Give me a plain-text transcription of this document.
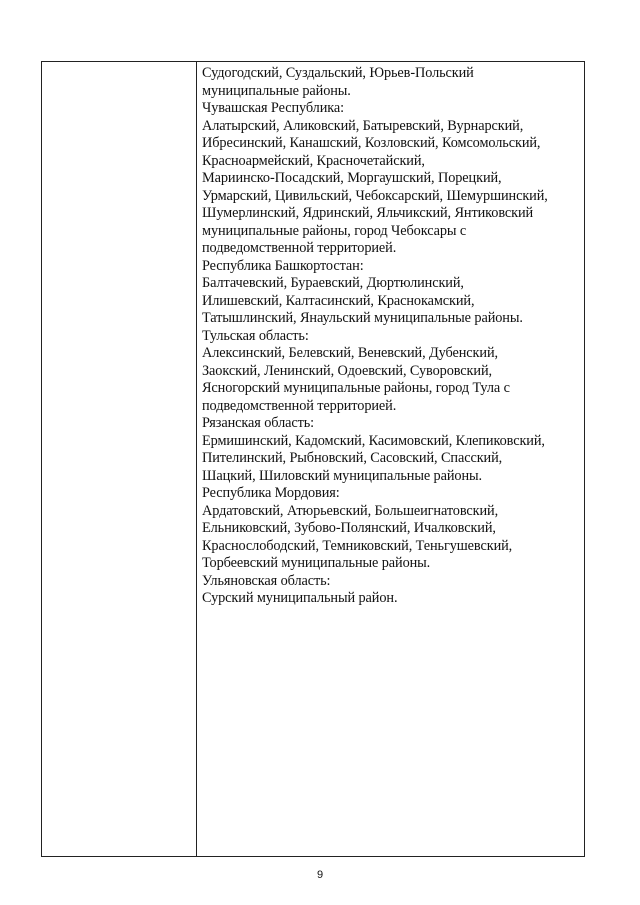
Судогодский, Суздальский, Юрьев-Польский
муниципальные районы.
Чувашская Республика:
Алатырский, Аликовский, Батыревский, Вурнарский,
Ибресинский, Канашский, Козловский, Комсомольский,
Красноармейский, Красночетайский,
Мариинско-Посадский, Моргаушский, Порецкий,
Урмарский, Цивильский, Чебоксарский, Шемуршинский,
Шумерлинский, Ядринский, Яльчикский, Янтиковский
муниципальные районы, город Чебоксары с
подведомственной территорией.
Республика Башкортостан:
Балтачевский, Бураевский, Дюртюлинский,
Илишевский, Калтасинский, Краснокамский,
Татышлинский, Янаульский муниципальные районы.
Тульская область:
Алексинский, Белевский, Веневский, Дубенский,
Заокский, Ленинский, Одоевский, Суворовский,
Ясногорский муниципальные районы, город Тула с
подведомственной территорией.
Рязанская область:
Ермишинский, Кадомский, Касимовский, Клепиковский,
Пителинский, Рыбновский, Сасовский, Спасский,
Шацкий, Шиловский муниципальные районы.
Республика Мордовия:
Ардатовский, Атюрьевский, Большеигнатовский,
Ельниковский, Зубово-Полянский, Ичалковский,
Краснослободский, Темниковский, Теньгушевский,
Торбеевский муниципальные районы.
Ульяновская область:
Сурский муниципальный район.

9
